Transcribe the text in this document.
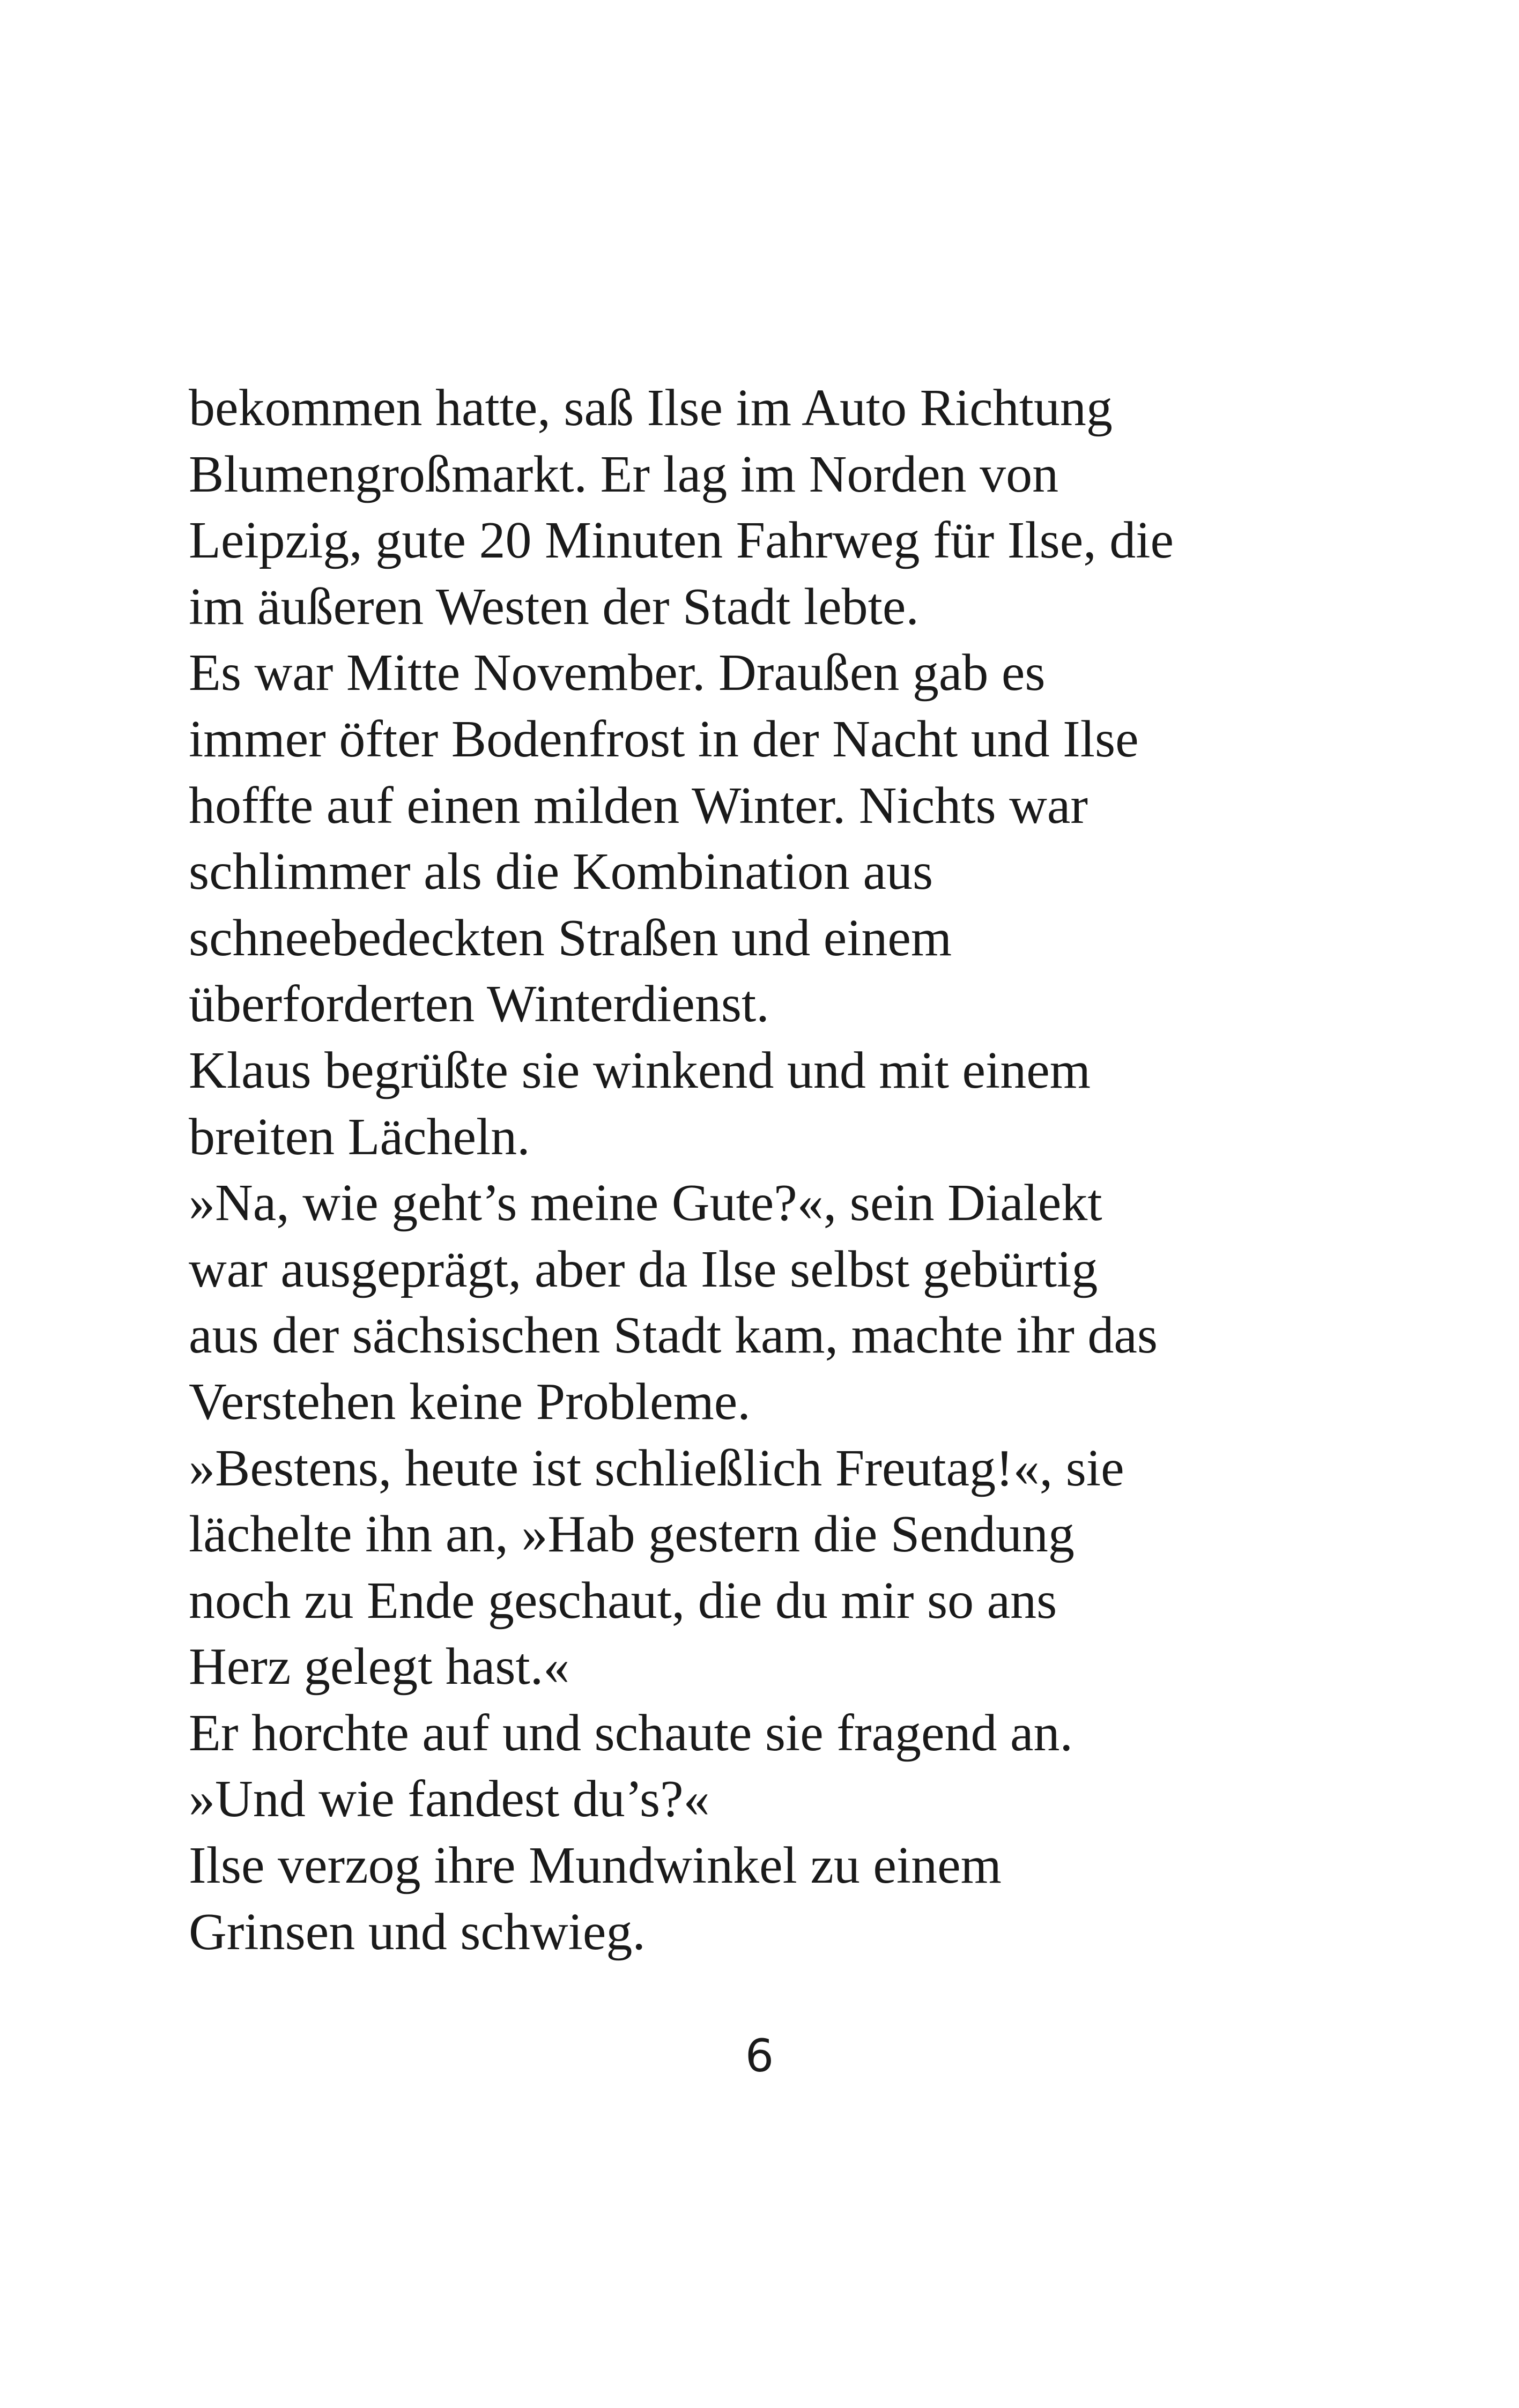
bekommen hatte, saß Ilse im Auto Richtung
Blumengroßmarkt. Er lag im Norden von
Leipzig, gute 20 Minuten Fahrweg für Ilse, die
im äußeren Westen der Stadt lebte.
Es war Mitte November. Draußen gab es
immer öfter Bodenfrost in der Nacht und Ilse
hoffte auf einen milden Winter. Nichts war
schlimmer als die Kombination aus
schneebedeckten Straßen und einem
überforderten Winterdienst.
Klaus begrüßte sie winkend und mit einem
breiten Lächeln.
»Na, wie geht’s meine Gute?«, sein Dialekt
war ausgeprägt, aber da Ilse selbst gebürtig
aus der sächsischen Stadt kam, machte ihr das
Verstehen keine Probleme.
»Bestens, heute ist schließlich Freutag!«, sie
lächelte ihn an, »Hab gestern die Sendung
noch zu Ende geschaut, die du mir so ans
Herz gelegt hast.«
Er horchte auf und schaute sie fragend an.
»Und wie fandest du’s?«
Ilse verzog ihre Mundwinkel zu einem
Grinsen und schwieg.
6
